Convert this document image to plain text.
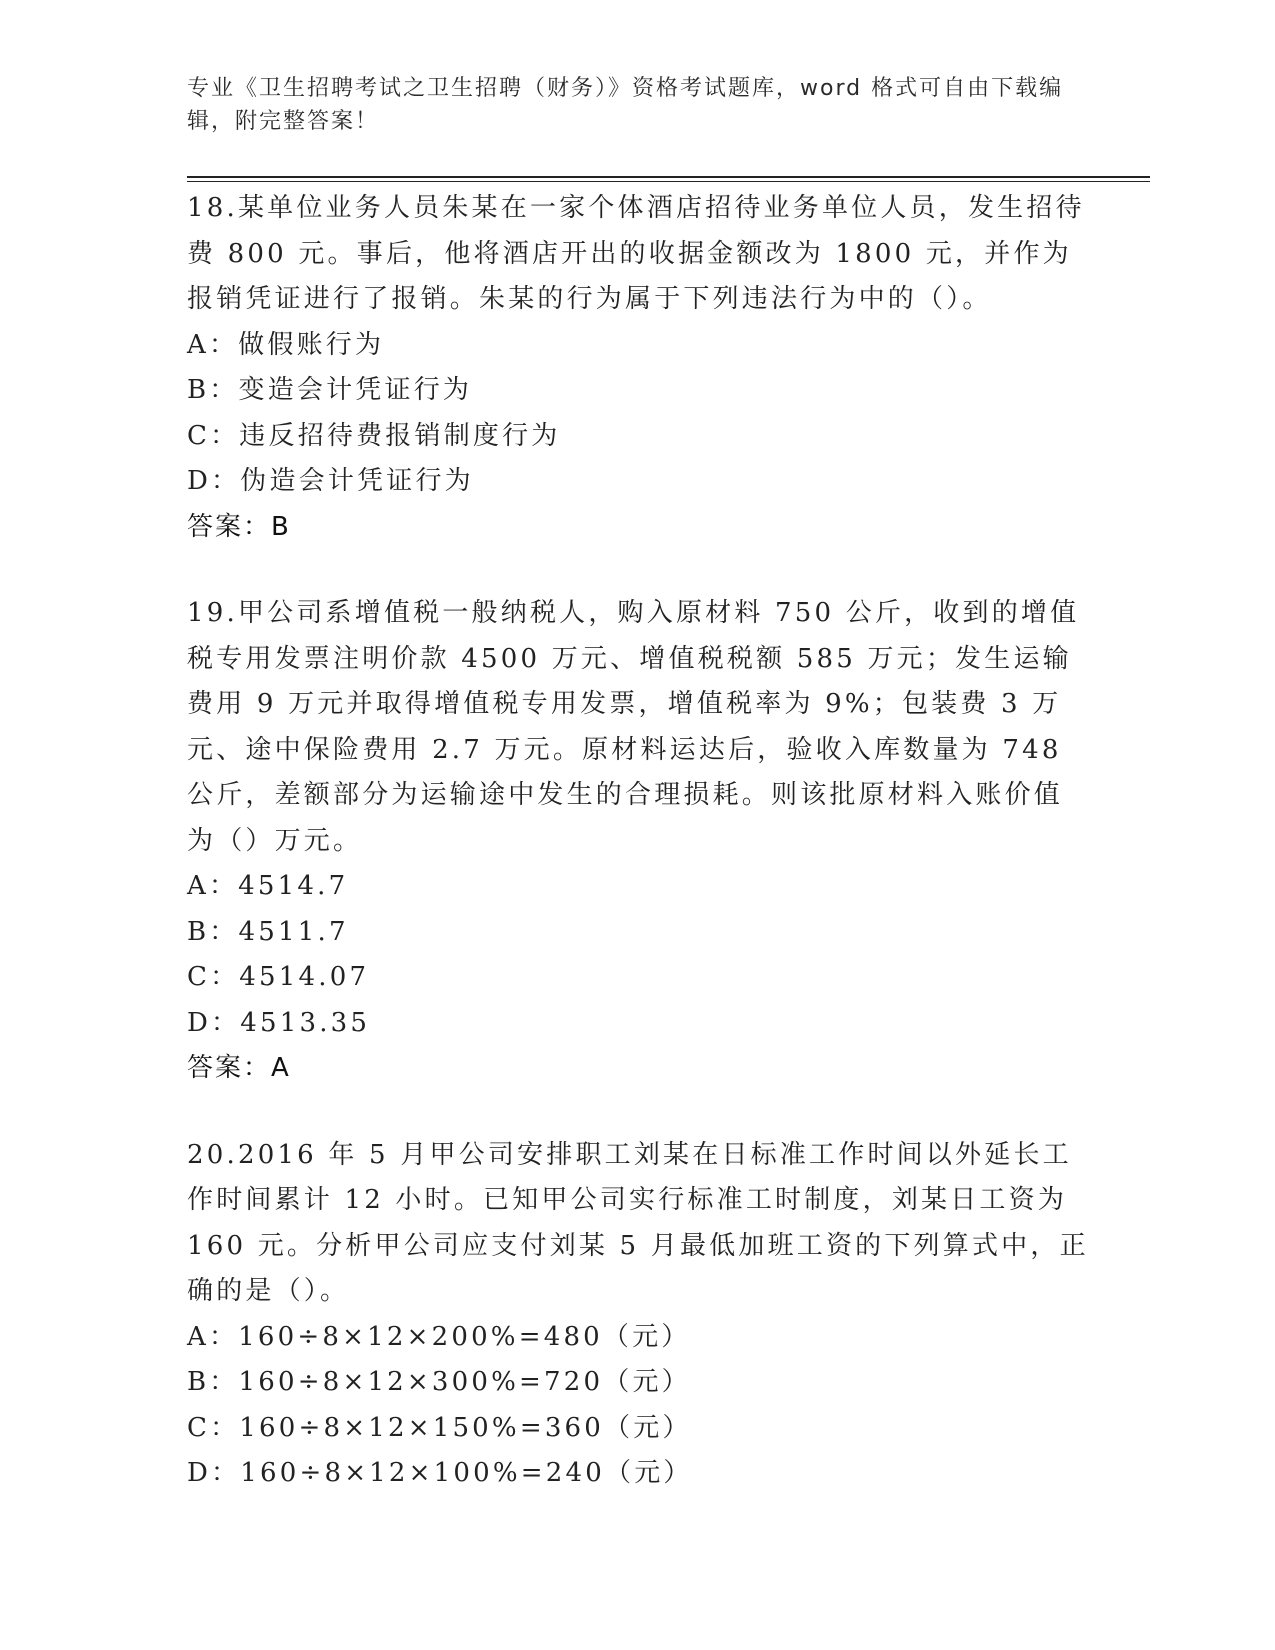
专业《卫生招聘考试之卫生招聘（财务）》资格考试题库，word 格式可自由下载编辑，附完整答案！

18.某单位业务人员朱某在一家个体酒店招待业务单位人员，发生招待费 800 元。事后，他将酒店开出的收据金额改为 1800 元，并作为报销凭证进行了报销。朱某的行为属于下列违法行为中的（）。

A：做假账行为

B：变造会计凭证行为

C：违反招待费报销制度行为

D：伪造会计凭证行为

答案：B

19.甲公司系增值税一般纳税人，购入原材料 750 公斤，收到的增值税专用发票注明价款 4500 万元、增值税税额 585 万元；发生运输费用 9 万元并取得增值税专用发票，增值税率为 9%；包装费 3 万元、途中保险费用 2.7 万元。原材料运达后，验收入库数量为 748 公斤，差额部分为运输途中发生的合理损耗。则该批原材料入账价值为（）万元。

A：4514.7

B：4511.7

C：4514.07

D：4513.35

答案：A

20.2016 年 5 月甲公司安排职工刘某在日标准工作时间以外延长工作时间累计 12 小时。已知甲公司实行标准工时制度，刘某日工资为 160 元。分析甲公司应支付刘某 5 月最低加班工资的下列算式中，正确的是（）。

A：160÷8×12×200%=480（元）

B：160÷8×12×300%=720（元）

C：160÷8×12×150%=360（元）

D：160÷8×12×100%=240（元）
